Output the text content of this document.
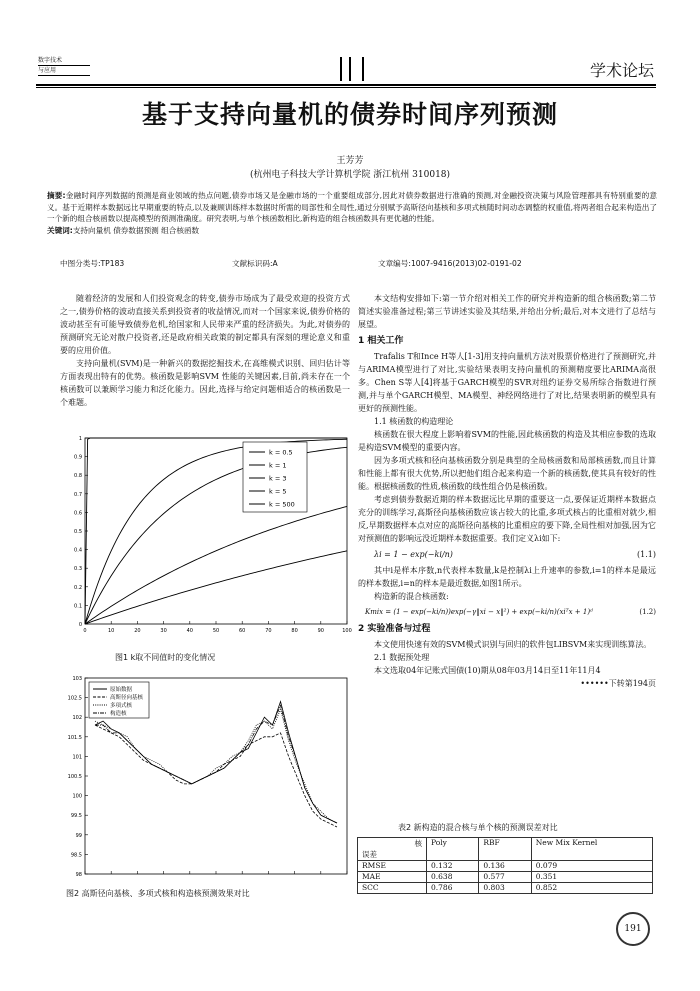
数字技术
与应用	学术论坛
基于支持向量机的债券时间序列预测
王芳芳
(杭州电子科技大学计算机学院 浙江杭州 310018)
摘要:金融时间序列数据的预测是商业领域的热点问题,债券市场又是金融市场的一个重要组成部分,因此对债券数据进行准确的预测,对金融投资决策与风险管理都具有特别重要的意义。基于近期样本数据远比早期重要的特点,以及兼顾训练样本数据时所需的局部性和全局性,通过分别赋予高斯径向基核和多项式核随时间动态调整的权重值,将两者组合起来构造出了一个新的组合核函数以提高模型的预测准确度。研究表明,与单个核函数相比,新构造的组合核函数具有更优越的性能。
关键词:支持向量机 债券数据预测 组合核函数
中图分类号:TP183	文献标识码:A	文章编号:1007-9416(2013)02-0191-02

随着经济的发展和人们投资观念的转变,债券市场成为了最受欢迎的投资方式之一,债券价格的波动直接关系到投资者的收益情况,而对一个国家来说,债券价格的波动甚至有可能导致债券危机,给国家和人民带来严重的经济损失。为此,对债券的预测研究无论对散户投资者,还是政府相关政策的制定都具有深刻的理论意义和重要的应用价值。

支持向量机(SVM)是一种新兴的数据挖掘技术,在高维模式识别、回归估计等方面表现出特有的优势。核函数是影响SVM 性能的关键因素,目前,尚未存在一个核函数可以兼顾学习能力和泛化能力。因此,选择与给定问题相适合的核函数是一个难题。

0
0.1
0.2
0.3
0.4
0.5
0.6
0.7
0.8
0.9
1
0	10	20	30	40	50	60	70	80	90	100
k = 0.5
k = 1
k = 3
k = 5
k = 500
图1 k取不同值时的变化情况
98
98.5
99
99.5
100
100.5
101
101.5
102
102.5
103
原始数据
高斯径向基核
多项式核
构造核
图2 高斯径向基核、多项式核和构造核预测效果对比

本文结构安排如下:第一节介绍对相关工作的研究并构造新的组合核函数;第二节简述实验准备过程;第三节讲述实验及其结果,并给出分析;最后,对本文进行了总结与展望。

1 相关工作

Trafalis T和Ince H等人[1-3]用支持向量机方法对股票价格进行了预测研究,并与ARIMA模型进行了对比,实验结果表明支持向量机的预测精度要比ARIMA高很多。Chen S等人[4]将基于GARCH模型的SVR对纽约证券交易所综合指数进行预测,并与单个GARCH模型、MA模型、神经网络进行了对比,结果表明新的模型具有更好的预测性能。

1.1 核函数的构造理论

核函数在很大程度上影响着SVM的性能,因此核函数的构造及其相应参数的选取是构造SVM模型的重要内容。

因为多项式核和径向基核函数分别是典型的全局核函数和局部核函数,而且计算和性能上都有很大优势,所以把他们组合起来构造一个新的核函数,使其具有较好的性能。根据核函数的性质,核函数的线性组合仍是核函数。

考虑到债券数据近期的样本数据远比早期的重要这一点,要保证近期样本数据点充分的训练学习,高斯径向基核函数应该占较大的比重,多项式核占的比重相对就少,相反,早期数据样本点对应的高斯径向基核的比重相应的要下降,全局性相对加强,因为它对预测值的影响远没近期样本数据重要。我们定义λi如下:

λi = 1 − exp(−ki/n)	(1.1)

其中i是样本序数,n代表样本数量,k是控制λi上升速率的参数,i=1的样本是最远的样本数据,i=n的样本是最近数据,如图1所示。

构造新的混合核函数:

Kmix = (1 − exp(−ki/n))exp(−γ‖xi − x‖²) + exp(−ki/n)(xiᵀx + 1)ᵈ	(1.2)
2 实验准备与过程

本文使用快速有效的SVM模式识别与回归的软件包LIBSVM来实现训练算法。

2.1 数据预处理

本文选取04年记账式国债(10)期从08年03月14日至11年11月4

••••••下转第194页
表2 新构造的混合核与单个核的预测误差对比
核
误差	Poly	RBF	New Mix Kernel
RMSE	0.132	0.136	0.079
MAE	0.638	0.577	0.351
SCC	0.786	0.803	0.852
191
